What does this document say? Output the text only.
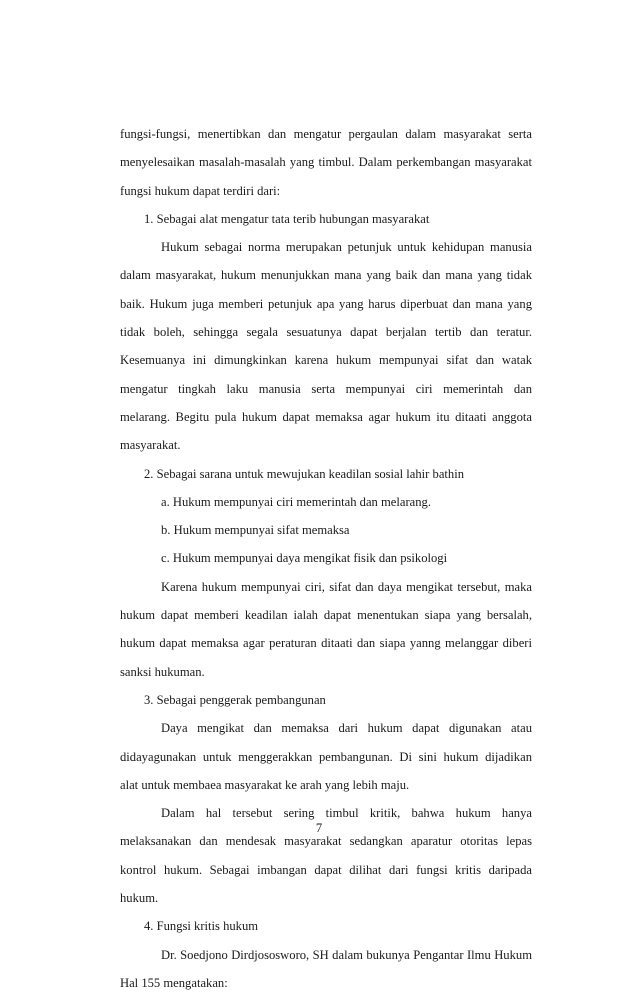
fungsi-fungsi, menertibkan dan mengatur pergaulan dalam masyarakat serta
menyelesaikan masalah-masalah yang timbul. Dalam perkembangan masyarakat
fungsi hukum dapat terdiri dari:
1. Sebagai alat mengatur tata terib hubungan masyarakat
Hukum sebagai norma merupakan petunjuk untuk kehidupan manusia
dalam masyarakat, hukum menunjukkan mana yang baik dan mana yang tidak
baik. Hukum juga memberi petunjuk apa yang harus diperbuat dan mana yang
tidak boleh, sehingga segala sesuatunya dapat berjalan tertib dan teratur.
Kesemuanya ini dimungkinkan karena hukum mempunyai sifat dan watak
mengatur tingkah laku manusia serta mempunyai ciri memerintah dan
melarang. Begitu pula hukum dapat memaksa agar hukum itu ditaati anggota
masyarakat.
2. Sebagai sarana untuk mewujukan keadilan sosial lahir bathin
a. Hukum mempunyai ciri memerintah dan melarang.
b. Hukum mempunyai sifat memaksa
c. Hukum mempunyai daya mengikat fisik dan psikologi
Karena hukum mempunyai ciri, sifat dan daya mengikat tersebut, maka
hukum dapat memberi keadilan ialah dapat menentukan siapa yang bersalah,
hukum dapat memaksa agar peraturan ditaati dan siapa yanng melanggar diberi
sanksi hukuman.
3. Sebagai penggerak pembangunan
Daya mengikat dan memaksa dari hukum dapat digunakan atau
didayagunakan untuk menggerakkan pembangunan. Di sini hukum dijadikan
alat untuk membaea masyarakat ke arah yang lebih maju.
Dalam hal tersebut sering timbul kritik, bahwa hukum hanya
melaksanakan dan mendesak masyarakat sedangkan aparatur otoritas lepas
kontrol hukum. Sebagai imbangan dapat dilihat dari fungsi kritis daripada
hukum.
4. Fungsi kritis hukum
Dr. Soedjono Dirdjososworo, SH dalam bukunya Pengantar Ilmu Hukum
Hal 155 mengatakan:
7
